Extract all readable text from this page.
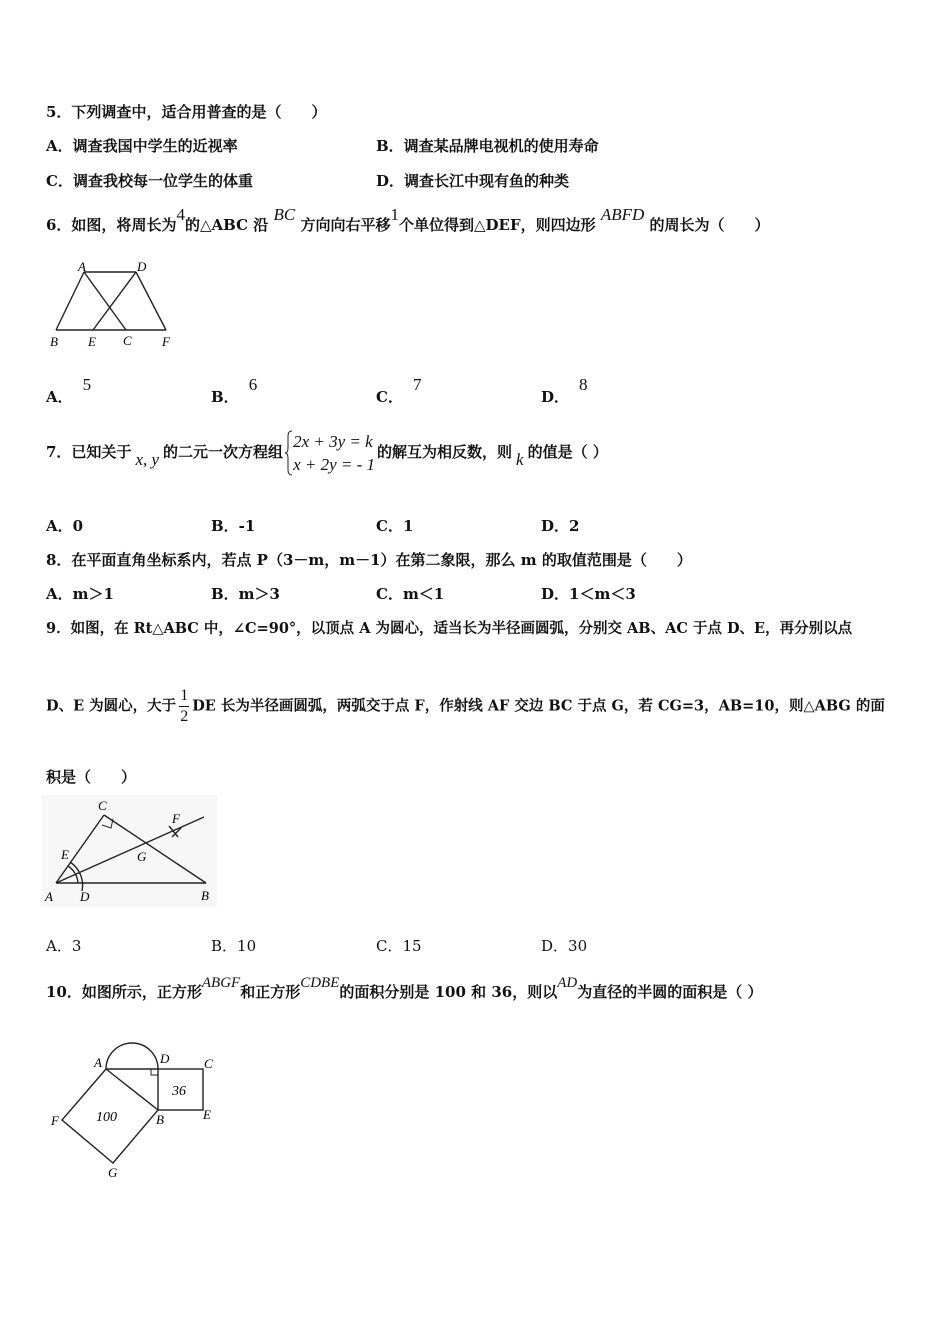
5．下列调查中，适合用普查的是（　　）
A．调查我国中学生的近视率	B．调查某品牌电视机的使用寿命
C．调查我校每一位学生的体重	D．调查长江中现有鱼的种类
6．如图，将周长为4的△ABC 沿 BC 方向向右平移1个单位得到△DEF，则四边形 ABFD 的周长为（　　）
A	D
B E C F
A．5
B．6
C．7
D．8
7．已知关于 x, y 的二元一次方程组
2x + 3y = k
x + 2y = - 1
的解互为相反数，则 k 的值是（ ）
A．0	B．-1	C．1	D．2
8．在平面直角坐标系内，若点 P（3－m，m－1）在第二象限，那么 m 的取值范围是（　　）
A．m＞1	B．m＞3	C．m＜1	D．1＜m＜3
9．如图，在 Rt△ABC 中，∠C=90°，以顶点 A 为圆心，适当长为半径画圆弧，分别交 AB、AC 于点 D、E，再分别以点
D、E 为圆心，大于 $\frac{1}{2}$ DE 长为半径画圆弧，两弧交于点 F，作射线 AF 交边 BC 于点 G，若 CG=3，AB=10，则△ABG 的面
积是（　　）
C
F
E	G
A D	B
A．3	B．10	C．15	D．30
10．如图所示，正方形ABGF和正方形CDBE的面积分别是 100 和 36，则以AD为直径的半圆的面积是（ ）
A	D	C
F	B	E
G
100
36
